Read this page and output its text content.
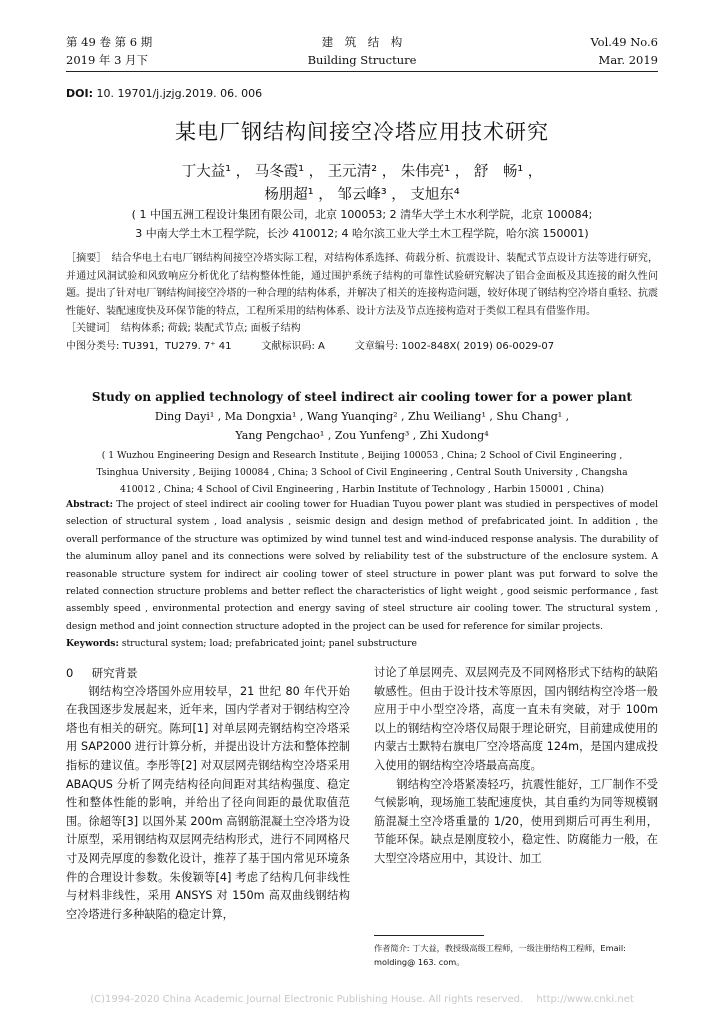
第 49 卷 第 6 期
2019 年 3 月下
建　筑　结　构
Building Structure
Vol.49 No.6
Mar. 2019
DOI: 10. 19701/j.jzjg.2019. 06. 006
某电厂钢结构间接空冷塔应用技术研究
丁大益¹ ， 马冬霞¹ ， 王元清² ， 朱伟亮¹ ， 舒　畅¹ ，
杨朋超¹ ， 邹云峰³ ， 支旭东⁴
( 1 中国五洲工程设计集团有限公司，北京 100053; 2 清华大学土木水利学院，北京 100084;
3 中南大学土木工程学院，长沙 410012; 4 哈尔滨工业大学土木工程学院，哈尔滨 150001)

［摘要］　结合华电土右电厂钢结构间接空冷塔实际工程，对结构体系选择、荷载分析、抗震设计、装配式节点设计方法等进行研究，并通过风洞试验和风致响应分析优化了结构整体性能，通过围护系统子结构的可靠性试验研究解决了铝合金面板及其连接的耐久性问题。提出了针对电厂钢结构间接空冷塔的一种合理的结构体系，并解决了相关的连接构造问题，较好体现了钢结构空冷塔自重轻、抗震性能好、装配速度快及环保节能的特点，工程所采用的结构体系、设计方法及节点连接构造对于类似工程具有借鉴作用。

［关键词］　结构体系; 荷载; 装配式节点; 面板子结构

中图分类号: TU391，TU279. 7⁺ 41　　　文献标识码: A　　　文章编号: 1002-848X( 2019) 06-0029-07

Study on applied technology of steel indirect air cooling tower for a power plant
Ding Dayi¹ , Ma Dongxia¹ , Wang Yuanqing² , Zhu Weiliang¹ , Shu Chang¹ ,
Yang Pengchao¹ , Zou Yunfeng³ , Zhi Xudong⁴
( 1 Wuzhou Engineering Design and Research Institute , Beijing 100053 , China; 2 School of Civil Engineering ,
Tsinghua University , Beijing 100084 , China; 3 School of Civil Engineering , Central South University , Changsha
410012 , China; 4 School of Civil Engineering , Harbin Institute of Technology , Harbin 150001 , China)
Abstract: The project of steel indirect air cooling tower for Huadian Tuyou power plant was studied in perspectives of model selection of structural system , load analysis , seismic design and design method of prefabricated joint. In addition , the overall performance of the structure was optimized by wind tunnel test and wind-induced response analysis. The durability of the aluminum alloy panel and its connections were solved by reliability test of the substructure of the enclosure system. A reasonable structure system for indirect air cooling tower of steel structure in power plant was put forward to solve the related connection structure problems and better reflect the characteristics of light weight , good seismic performance , fast assembly speed , environmental protection and energy saving of steel structure air cooling tower. The structural system , design method and joint connection structure adopted in the project can be used for reference for similar projects.
Keywords: structural system; load; prefabricated joint; panel substructure
0 研究背景

钢结构空冷塔国外应用较早，21 世纪 80 年代开始在我国逐步发展起来，近年来，国内学者对于钢结构空冷塔也有相关的研究。陈珂[1] 对单层网壳钢结构空冷塔采用 SAP2000 进行计算分析，并提出设计方法和整体控制指标的建议值。李彤等[2] 对双层网壳钢结构空冷塔采用 ABAQUS 分析了网壳结构径向间距对其结构强度、稳定性和整体性能的影响，并给出了径向间距的最优取值范围。徐超等[3] 以国外某 200m 高钢筋混凝土空冷塔为设计原型，采用钢结构双层网壳结构形式，进行不同网格尺寸及网壳厚度的参数化设计，推荐了基于国内常见环境条件的合理设计参数。朱俊颖等[4] 考虑了结构几何非线性与材料非线性，采用 ANSYS 对 150m 高双曲线钢结构空冷塔进行多种缺陷的稳定计算，

讨论了单层网壳、双层网壳及不同网格形式下结构的缺陷敏感性。但由于设计技术等原因，国内钢结构空冷塔一般应用于中小型空冷塔，高度一直未有突破，对于 100m 以上的钢结构空冷塔仅局限于理论研究，目前建成使用的内蒙古士默特右旗电厂空冷塔高度 124m，是国内建成投入使用的钢结构空冷塔最高高度。

钢结构空冷塔紧凑轻巧，抗震性能好，工厂制作不受气候影响，现场施工装配速度快，其自重约为同等规模钢筋混凝土空冷塔重量的 1/20，使用到期后可再生利用，节能环保。缺点是刚度较小，稳定性、防腐能力一般，在大型空冷塔应用中，其设计、加工

作者简介: 丁大益，教授级高级工程师，一级注册结构工程师，Email: molding@ 163. com。
(C)1994-2020 China Academic Journal Electronic Publishing House. All rights reserved.　 http://www.cnki.net
